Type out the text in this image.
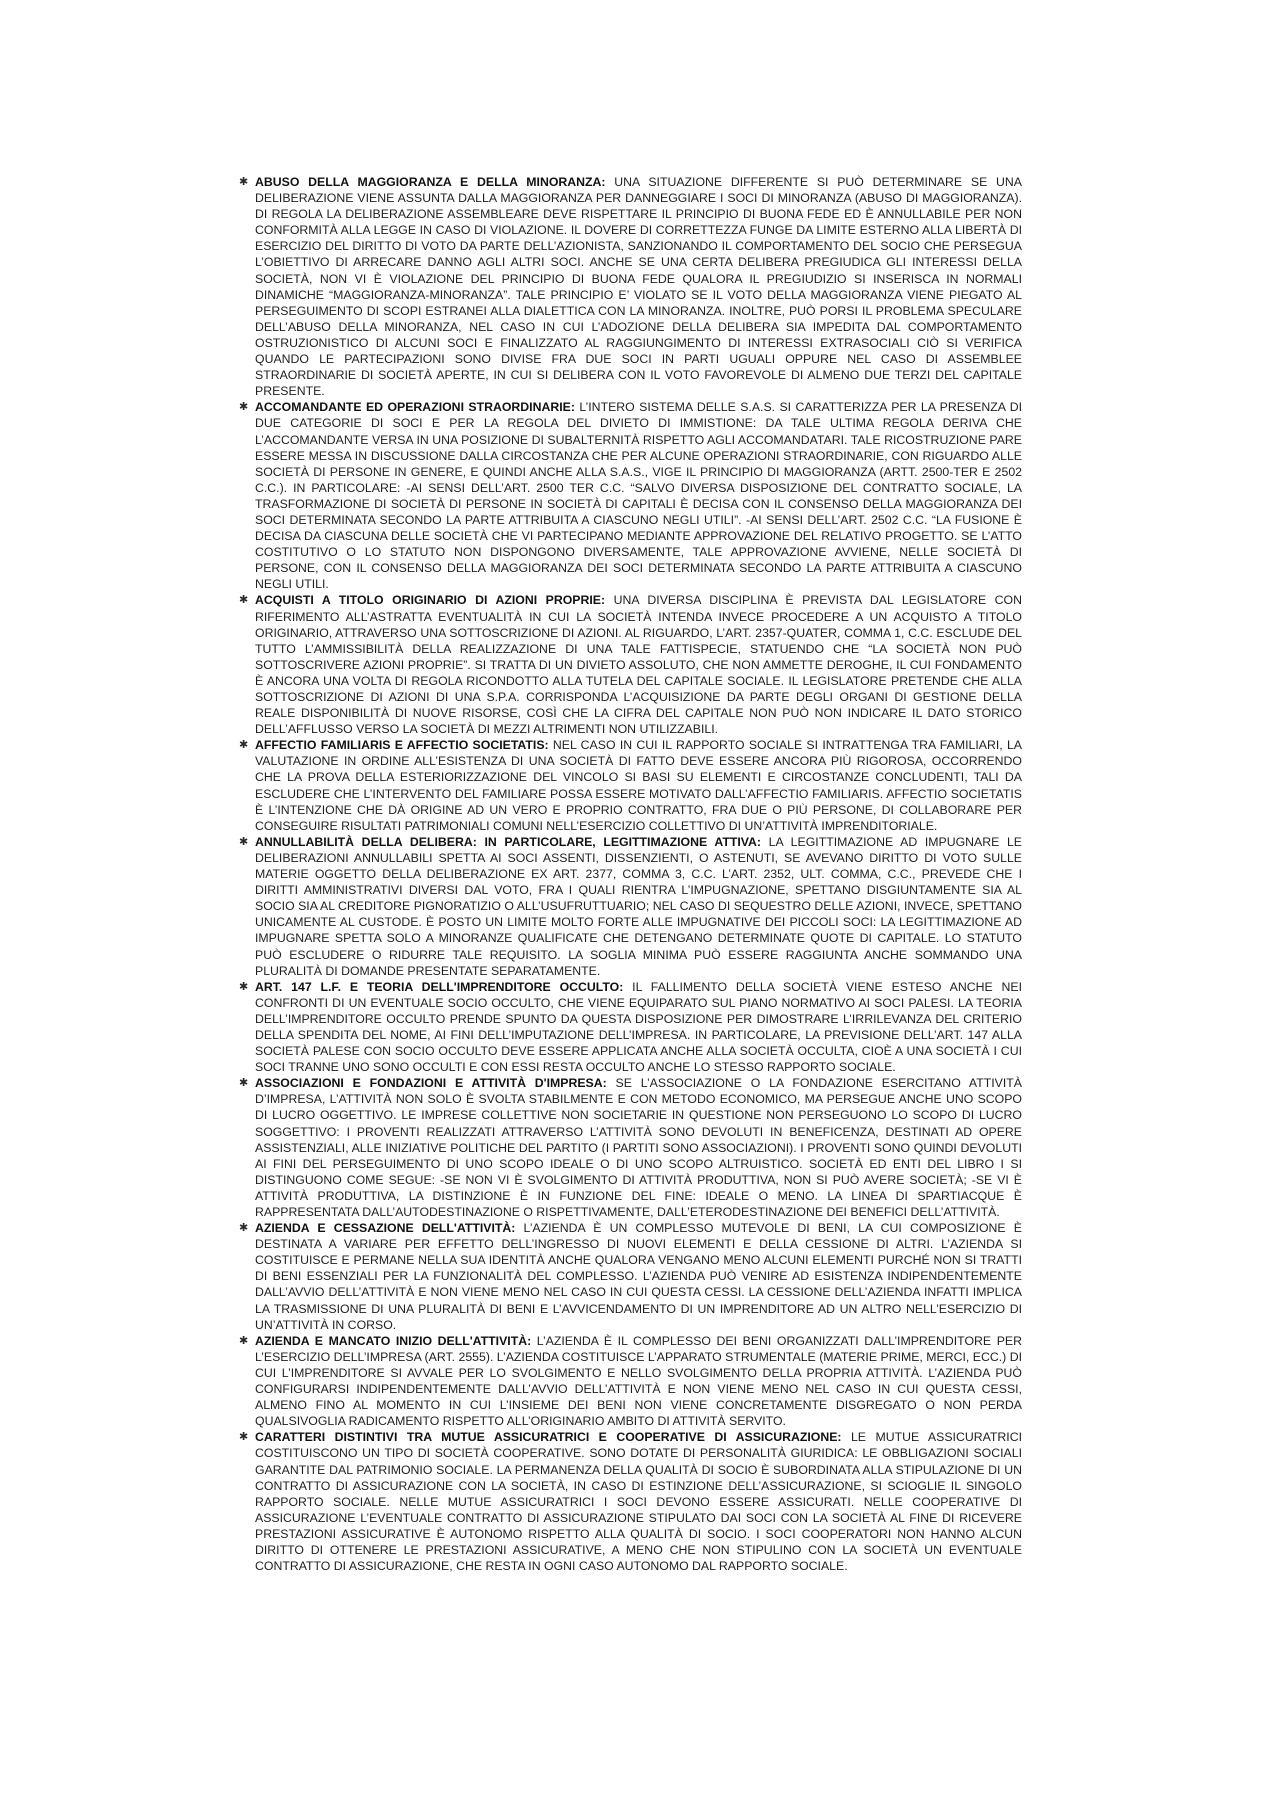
✱ ABUSO DELLA MAGGIORANZA E DELLA MINORANZA: UNA SITUAZIONE DIFFERENTE SI PUÒ DETERMINARE SE UNA DELIBERAZIONE VIENE ASSUNTA DALLA MAGGIORANZA PER DANNEGGIARE I SOCI DI MINORANZA (ABUSO DI MAGGIORANZA). DI REGOLA LA DELIBERAZIONE ASSEMBLEARE DEVE RISPETTARE IL PRINCIPIO DI BUONA FEDE ED È ANNULLABILE PER NON CONFORMITÀ ALLA LEGGE IN CASO DI VIOLAZIONE. IL DOVERE DI CORRETTEZZA FUNGE DA LIMITE ESTERNO ALLA LIBERTÀ DI ESERCIZIO DEL DIRITTO DI VOTO DA PARTE DELL’AZIONISTA, SANZIONANDO IL COMPORTAMENTO DEL SOCIO CHE PERSEGUA L’OBIETTIVO DI ARRECARE DANNO AGLI ALTRI SOCI. ANCHE SE UNA CERTA DELIBERA PREGIUDICA GLI INTERESSI DELLA SOCIETÀ, NON VI È VIOLAZIONE DEL PRINCIPIO DI BUONA FEDE QUALORA IL PREGIUDIZIO SI INSERISCA IN NORMALI DINAMICHE “MAGGIORANZA-MINORANZA”. TALE PRINCIPIO E’ VIOLATO SE IL VOTO DELLA MAGGIORANZA VIENE PIEGATO AL PERSEGUIMENTO DI SCOPI ESTRANEI ALLA DIALETTICA CON LA MINORANZA. INOLTRE, PUÒ PORSI IL PROBLEMA SPECULARE DELL’ABUSO DELLA MINORANZA, NEL CASO IN CUI L’ADOZIONE DELLA DELIBERA SIA IMPEDITA DAL COMPORTAMENTO OSTRUZIONISTICO DI ALCUNI SOCI E FINALIZZATO AL RAGGIUNGIMENTO DI INTERESSI EXTRASOCIALI CIÒ SI VERIFICA QUANDO LE PARTECIPAZIONI SONO DIVISE FRA DUE SOCI IN PARTI UGUALI OPPURE NEL CASO DI ASSEMBLEE STRAORDINARIE DI SOCIETÀ APERTE, IN CUI SI DELIBERA CON IL VOTO FAVOREVOLE DI ALMENO DUE TERZI DEL CAPITALE PRESENTE.
✱ ACCOMANDANTE ED OPERAZIONI STRAORDINARIE: L’INTERO SISTEMA DELLE S.A.S. SI CARATTERIZZA PER LA PRESENZA DI DUE CATEGORIE DI SOCI E PER LA REGOLA DEL DIVIETO DI IMMISTIONE: DA TALE ULTIMA REGOLA DERIVA CHE L’ACCOMANDANTE VERSA IN UNA POSIZIONE DI SUBALTERNITÀ RISPETTO AGLI ACCOMANDATARI. TALE RICOSTRUZIONE PARE ESSERE MESSA IN DISCUSSIONE DALLA CIRCOSTANZA CHE PER ALCUNE OPERAZIONI STRAORDINARIE, CON RIGUARDO ALLE SOCIETÀ DI PERSONE IN GENERE, E QUINDI ANCHE ALLA S.A.S., VIGE IL PRINCIPIO DI MAGGIORANZA (ARTT. 2500-TER E 2502 C.C.). IN PARTICOLARE: -AI SENSI DELL’ART. 2500 TER C.C. “SALVO DIVERSA DISPOSIZIONE DEL CONTRATTO SOCIALE, LA TRASFORMAZIONE DI SOCIETÀ DI PERSONE IN SOCIETÀ DI CAPITALI È DECISA CON IL CONSENSO DELLA MAGGIORANZA DEI SOCI DETERMINATA SECONDO LA PARTE ATTRIBUITA A CIASCUNO NEGLI UTILI”. -AI SENSI DELL’ART. 2502 C.C. “LA FUSIONE È DECISA DA CIASCUNA DELLE SOCIETÀ CHE VI PARTECIPANO MEDIANTE APPROVAZIONE DEL RELATIVO PROGETTO. SE L’ATTO COSTITUTIVO O LO STATUTO NON DISPONGONO DIVERSAMENTE, TALE APPROVAZIONE AVVIENE, NELLE SOCIETÀ DI PERSONE, CON IL CONSENSO DELLA MAGGIORANZA DEI SOCI DETERMINATA SECONDO LA PARTE ATTRIBUITA A CIASCUNO NEGLI UTILI.
✱ ACQUISTI A TITOLO ORIGINARIO DI AZIONI PROPRIE: UNA DIVERSA DISCIPLINA È PREVISTA DAL LEGISLATORE CON RIFERIMENTO ALL’ASTRATTA EVENTUALITÀ IN CUI LA SOCIETÀ INTENDA INVECE PROCEDERE A UN ACQUISTO A TITOLO ORIGINARIO, ATTRAVERSO UNA SOTTOSCRIZIONE DI AZIONI. AL RIGUARDO, L’ART. 2357-QUATER, COMMA 1, C.C. ESCLUDE DEL TUTTO L’AMMISSIBILITÀ DELLA REALIZZAZIONE DI UNA TALE FATTISPECIE, STATUENDO CHE “LA SOCIETÀ NON PUÒ SOTTOSCRIVERE AZIONI PROPRIE”. SI TRATTA DI UN DIVIETO ASSOLUTO, CHE NON AMMETTE DEROGHE, IL CUI FONDAMENTO È ANCORA UNA VOLTA DI REGOLA RICONDOTTO ALLA TUTELA DEL CAPITALE SOCIALE. IL LEGISLATORE PRETENDE CHE ALLA SOTTOSCRIZIONE DI AZIONI DI UNA S.P.A. CORRISPONDA L’ACQUISIZIONE DA PARTE DEGLI ORGANI DI GESTIONE DELLA REALE DISPONIBILITÀ DI NUOVE RISORSE, COSÌ CHE LA CIFRA DEL CAPITALE NON PUÒ NON INDICARE IL DATO STORICO DELL’AFFLUSSO VERSO LA SOCIETÀ DI MEZZI ALTRIMENTI NON UTILIZZABILI.
✱ AFFECTIO FAMILIARIS E AFFECTIO SOCIETATIS: NEL CASO IN CUI IL RAPPORTO SOCIALE SI INTRATTENGA TRA FAMILIARI, LA VALUTAZIONE IN ORDINE ALL’ESISTENZA DI UNA SOCIETÀ DI FATTO DEVE ESSERE ANCORA PIÙ RIGOROSA, OCCORRENDO CHE LA PROVA DELLA ESTERIORIZZAZIONE DEL VINCOLO SI BASI SU ELEMENTI E CIRCOSTANZE CONCLUDENTI, TALI DA ESCLUDERE CHE L’INTERVENTO DEL FAMILIARE POSSA ESSERE MOTIVATO DALL’AFFECTIO FAMILIARIS. AFFECTIO SOCIETATIS È L’INTENZIONE CHE DÀ ORIGINE AD UN VERO E PROPRIO CONTRATTO, FRA DUE O PIÙ PERSONE, DI COLLABORARE PER CONSEGUIRE RISULTATI PATRIMONIALI COMUNI NELL’ESERCIZIO COLLETTIVO DI UN’ATTIVITÀ IMPRENDITORIALE.
✱ ANNULLABILITÀ DELLA DELIBERA: IN PARTICOLARE, LEGITTIMAZIONE ATTIVA: LA LEGITTIMAZIONE AD IMPUGNARE LE DELIBERAZIONI ANNULLABILI SPETTA AI SOCI ASSENTI, DISSENZIENTI, O ASTENUTI, SE AVEVANO DIRITTO DI VOTO SULLE MATERIE OGGETTO DELLA DELIBERAZIONE EX ART. 2377, COMMA 3, C.C. L’ART. 2352, ULT. COMMA, C.C., PREVEDE CHE I DIRITTI AMMINISTRATIVI DIVERSI DAL VOTO, FRA I QUALI RIENTRA L’IMPUGNAZIONE, SPETTANO DISGIUNTAMENTE SIA AL SOCIO SIA AL CREDITORE PIGNORATIZIO O ALL’USUFRUTTUARIO; NEL CASO DI SEQUESTRO DELLE AZIONI, INVECE, SPETTANO UNICAMENTE AL CUSTODE. È POSTO UN LIMITE MOLTO FORTE ALLE IMPUGNATIVE DEI PICCOLI SOCI: LA LEGITTIMAZIONE AD IMPUGNARE SPETTA SOLO A MINORANZE QUALIFICATE CHE DETENGANO DETERMINATE QUOTE DI CAPITALE. LO STATUTO PUÒ ESCLUDERE O RIDURRE TALE REQUISITO. LA SOGLIA MINIMA PUÒ ESSERE RAGGIUNTA ANCHE SOMMANDO UNA PLURALITÀ DI DOMANDE PRESENTATE SEPARATAMENTE.
✱ ART. 147 L.F. E TEORIA DELL'IMPRENDITORE OCCULTO: IL FALLIMENTO DELLA SOCIETÀ VIENE ESTESO ANCHE NEI CONFRONTI DI UN EVENTUALE SOCIO OCCULTO, CHE VIENE EQUIPARATO SUL PIANO NORMATIVO AI SOCI PALESI. LA TEORIA DELL’IMPRENDITORE OCCULTO PRENDE SPUNTO DA QUESTA DISPOSIZIONE PER DIMOSTRARE L’IRRILEVANZA DEL CRITERIO DELLA SPENDITA DEL NOME, AI FINI DELL’IMPUTAZIONE DELL’IMPRESA. IN PARTICOLARE, LA PREVISIONE DELL’ART. 147 ALLA SOCIETÀ PALESE CON SOCIO OCCULTO DEVE ESSERE APPLICATA ANCHE ALLA SOCIETÀ OCCULTA, CIOÈ A UNA SOCIETÀ I CUI SOCI TRANNE UNO SONO OCCULTI E CON ESSI RESTA OCCULTO ANCHE LO STESSO RAPPORTO SOCIALE.
✱ ASSOCIAZIONI E FONDAZIONI E ATTIVITÀ D'IMPRESA: SE L’ASSOCIAZIONE O LA FONDAZIONE ESERCITANO ATTIVITÀ D’IMPRESA, L’ATTIVITÀ NON SOLO È SVOLTA STABILMENTE E CON METODO ECONOMICO, MA PERSEGUE ANCHE UNO SCOPO DI LUCRO OGGETTIVO. LE IMPRESE COLLETTIVE NON SOCIETARIE IN QUESTIONE NON PERSEGUONO LO SCOPO DI LUCRO SOGGETTIVO: I PROVENTI REALIZZATI ATTRAVERSO L’ATTIVITÀ SONO DEVOLUTI IN BENEFICENZA, DESTINATI AD OPERE ASSISTENZIALI, ALLE INIZIATIVE POLITICHE DEL PARTITO (I PARTITI SONO ASSOCIAZIONI). I PROVENTI SONO QUINDI DEVOLUTI AI FINI DEL PERSEGUIMENTO DI UNO SCOPO IDEALE O DI UNO SCOPO ALTRUISTICO. SOCIETÀ ED ENTI DEL LIBRO I SI DISTINGUONO COME SEGUE: -SE NON VI È SVOLGIMENTO DI ATTIVITÀ PRODUTTIVA, NON SI PUÒ AVERE SOCIETÀ; -SE VI È ATTIVITÀ PRODUTTIVA, LA DISTINZIONE È IN FUNZIONE DEL FINE: IDEALE O MENO. LA LINEA DI SPARTIACQUE È RAPPRESENTATA DALL’AUTODESTINAZIONE O RISPETTIVAMENTE, DALL’ETERODESTINAZIONE DEI BENEFICI DELL’ATTIVITÀ.
✱ AZIENDA E CESSAZIONE DELL'ATTIVITÀ: L’AZIENDA È UN COMPLESSO MUTEVOLE DI BENI, LA CUI COMPOSIZIONE È DESTINATA A VARIARE PER EFFETTO DELL’INGRESSO DI NUOVI ELEMENTI E DELLA CESSIONE DI ALTRI. L’AZIENDA SI COSTITUISCE E PERMANE NELLA SUA IDENTITÀ ANCHE QUALORA VENGANO MENO ALCUNI ELEMENTI PURCHÉ NON SI TRATTI DI BENI ESSENZIALI PER LA FUNZIONALITÀ DEL COMPLESSO. L’AZIENDA PUÒ VENIRE AD ESISTENZA INDIPENDENTEMENTE DALL’AVVIO DELL’ATTIVITÀ E NON VIENE MENO NEL CASO IN CUI QUESTA CESSI. LA CESSIONE DELL’AZIENDA INFATTI IMPLICA LA TRASMISSIONE DI UNA PLURALITÀ DI BENI E L’AVVICENDAMENTO DI UN IMPRENDITORE AD UN ALTRO NELL’ESERCIZIO DI UN’ATTIVITÀ IN CORSO.
✱ AZIENDA E MANCATO INIZIO DELL'ATTIVITÀ: L’AZIENDA È IL COMPLESSO DEI BENI ORGANIZZATI DALL’IMPRENDITORE PER L’ESERCIZIO DELL’IMPRESA (ART. 2555). L’AZIENDA COSTITUISCE L’APPARATO STRUMENTALE (MATERIE PRIME, MERCI, ECC.) DI CUI L’IMPRENDITORE SI AVVALE PER LO SVOLGIMENTO E NELLO SVOLGIMENTO DELLA PROPRIA ATTIVITÀ. L’AZIENDA PUÒ CONFIGURARSI INDIPENDENTEMENTE DALL’AVVIO DELL’ATTIVITÀ E NON VIENE MENO NEL CASO IN CUI QUESTA CESSI, ALMENO FINO AL MOMENTO IN CUI L’INSIEME DEI BENI NON VIENE CONCRETAMENTE DISGREGATO O NON PERDA QUALSIVOGLIA RADICAMENTO RISPETTO ALL’ORIGINARIO AMBITO DI ATTIVITÀ SERVITO.
✱ CARATTERI DISTINTIVI TRA MUTUE ASSICURATRICI E COOPERATIVE DI ASSICURAZIONE: LE MUTUE ASSICURATRICI COSTITUISCONO UN TIPO DI SOCIETÀ COOPERATIVE. SONO DOTATE DI PERSONALITÀ GIURIDICA: LE OBBLIGAZIONI SOCIALI GARANTITE DAL PATRIMONIO SOCIALE. LA PERMANENZA DELLA QUALITÀ DI SOCIO È SUBORDINATA ALLA STIPULAZIONE DI UN CONTRATTO DI ASSICURAZIONE CON LA SOCIETÀ, IN CASO DI ESTINZIONE DELL’ASSICURAZIONE, SI SCIOGLIE IL SINGOLO RAPPORTO SOCIALE. NELLE MUTUE ASSICURATRICI I SOCI DEVONO ESSERE ASSICURATI. NELLE COOPERATIVE DI ASSICURAZIONE L’EVENTUALE CONTRATTO DI ASSICURAZIONE STIPULATO DAI SOCI CON LA SOCIETÀ AL FINE DI RICEVERE PRESTAZIONI ASSICURATIVE È AUTONOMO RISPETTO ALLA QUALITÀ DI SOCIO. I SOCI COOPERATORI NON HANNO ALCUN DIRITTO DI OTTENERE LE PRESTAZIONI ASSICURATIVE, A MENO CHE NON STIPULINO CON LA SOCIETÀ UN EVENTUALE CONTRATTO DI ASSICURAZIONE, CHE RESTA IN OGNI CASO AUTONOMO DAL RAPPORTO SOCIALE.
